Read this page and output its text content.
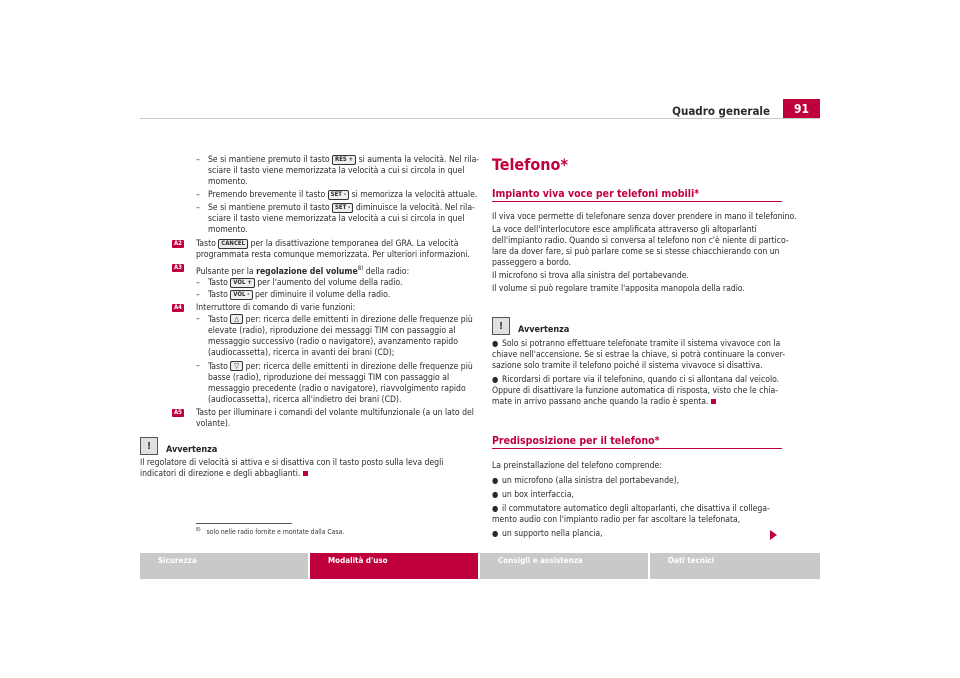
Quadro generale	91
– Se si mantiene premuto il tasto RES + si aumenta la velocità. Nel rila-
sciare il tasto viene memorizzata la velocità a cui si circola in quel
momento.
– Premendo brevemente il tasto SET - si memorizza la velocità attuale.
– Se si mantiene premuto il tasto SET - diminuisce la velocità. Nel rila-
sciare il tasto viene memorizzata la velocità a cui si circola in quel
momento.
A2 Tasto CANCEL per la disattivazione temporanea del GRA. La velocità
programmata resta comunque memorizzata. Per ulteriori informazioni.
A3 Pulsante per la regolazione del volume$^{8)}$ della radio:
– Tasto VOL + per l'aumento del volume della radio.
– Tasto VOL - per diminuire il volume della radio.
A4 Interruttore di comando di varie funzioni:
– Tasto △ per: ricerca delle emittenti in direzione delle frequenze più
elevate (radio), riproduzione dei messaggi TIM con passaggio al
messaggio successivo (radio o navigatore), avanzamento rapido
(audiocassetta), ricerca in avanti dei brani (CD);
– Tasto ▽ per: ricerca delle emittenti in direzione delle frequenze più
basse (radio), riproduzione dei messaggi TIM con passaggio al
messaggio precedente (radio o navigatore), riavvolgimento rapido
(audiocassetta), ricerca all'indietro dei brani (CD).
A5 Tasto per illuminare i comandi del volante multifunzionale (a un lato del
volante).
!	Avvertenza
Il regolatore di velocità si attiva e si disattiva con il tasto posto sulla leva degli
indicatori di direzione e degli abbaglianti.
$^{8)}$ solo nelle radio fornite e montate dalla Casa.
Telefono*
Impianto viva voce per telefoni mobili*
Il viva voce permette di telefonare senza dover prendere in mano il telefonino.
La voce dell'interlocutore esce amplificata attraverso gli altoparlanti
dell'impianto radio. Quando si conversa al telefono non c'è niente di partico-
lare da dover fare, si può parlare come se si stesse chiacchierando con un
passeggero a bordo.
Il microfono si trova alla sinistra del portabevande.
Il volume si può regolare tramite l'apposita manopola della radio.
!	Avvertenza
● Solo si potranno effettuare telefonate tramite il sistema vivavoce con la
chiave nell'accensione. Se si estrae la chiave, si potrà continuare la conver-
sazione solo tramite il telefono poiché il sistema vivavoce si disattiva.
● Ricordarsi di portare via il telefonino, quando ci si allontana dal veicolo.
Oppure di disattivare la funzione automatica di risposta, visto che le chia-
mate in arrivo passano anche quando la radio è spenta.
Predisposizione per il telefono*
La preinstallazione del telefono comprende:
● un microfono (alla sinistra del portabevande),
● un box interfaccia,
● il commutatore automatico degli altoparlanti, che disattiva il collega-
mento audio con l'impianto radio per far ascoltare la telefonata,
● un supporto nella plancia,
Sicurezza	Modalità d'uso	Consigli e assistenza	Dati tecnici
